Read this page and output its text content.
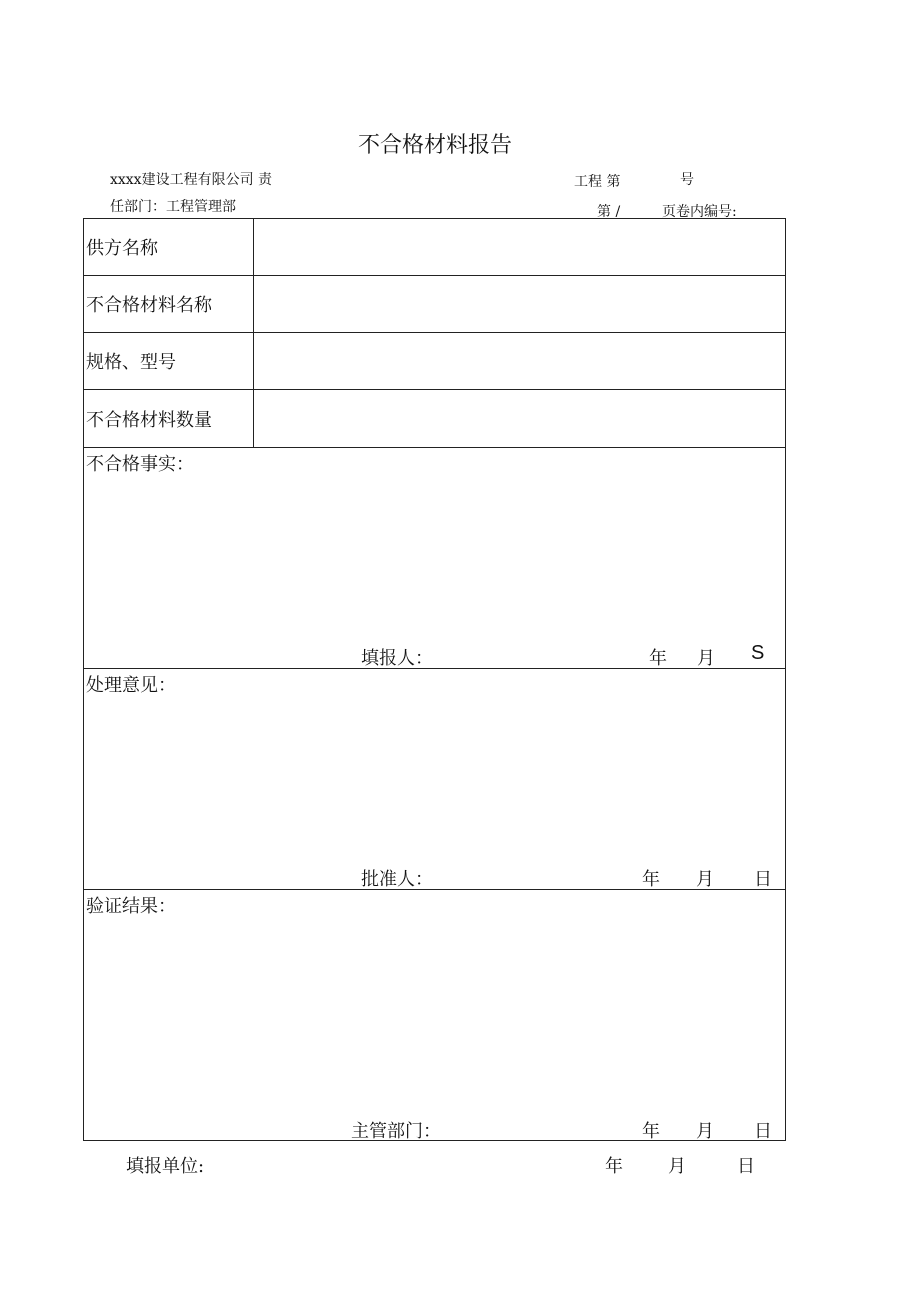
不合格材料报告
xxxx建设工程有限公司 责	工程 第	号
任部门：工程管理部	第 /	页卷内编号:
供方名称
不合格材料名称
规格、型号
不合格材料数量
不合格事实：
填报人：	年 月 S
处理意见：
批准人：	年 月 日
验证结果：
主管部门：	年 月 日
填报单位:	年	月	日
